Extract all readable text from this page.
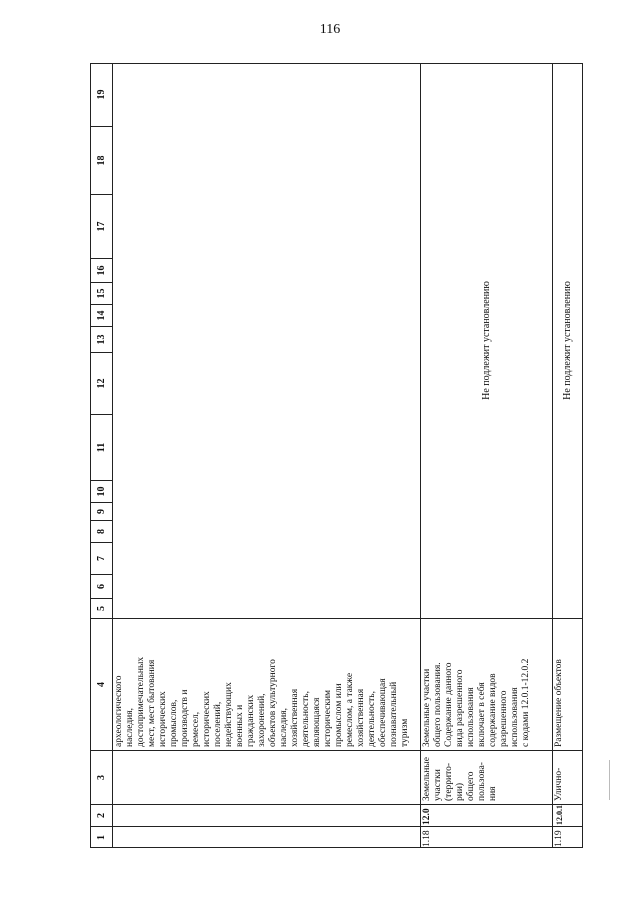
116
1
2
3
4
5
6
7
8
9
10
11
12
13
14
15
16
17
18
19
археологического
наследия,
достопримечательных
мест, мест бытования
исторических
промыслов,
производств и
ремесел,
исторических
поселений,
недействующих
военных и
гражданских
захоронений,
объектов культурного
наследия,
хозяйственная
деятельность,
являющаяся
историческим
промыслом или
ремеслом, а также
хозяйственная
деятельность,
обеспечивающая
познавательный
туризм
1.18
12.0
Земельные
участки
(террито-
рии)
общего
пользова-
ния
Земельные участки
общего пользования.
Содержание данного
вида разрешенного
использования
включает в себя
содержание видов
разрешенного
использования
с кодами 12.0.1-12.0.2
Не подлежит установлению
1.19
12.0.1
Улично-
Размещение объектов
Не подлежит установлению
